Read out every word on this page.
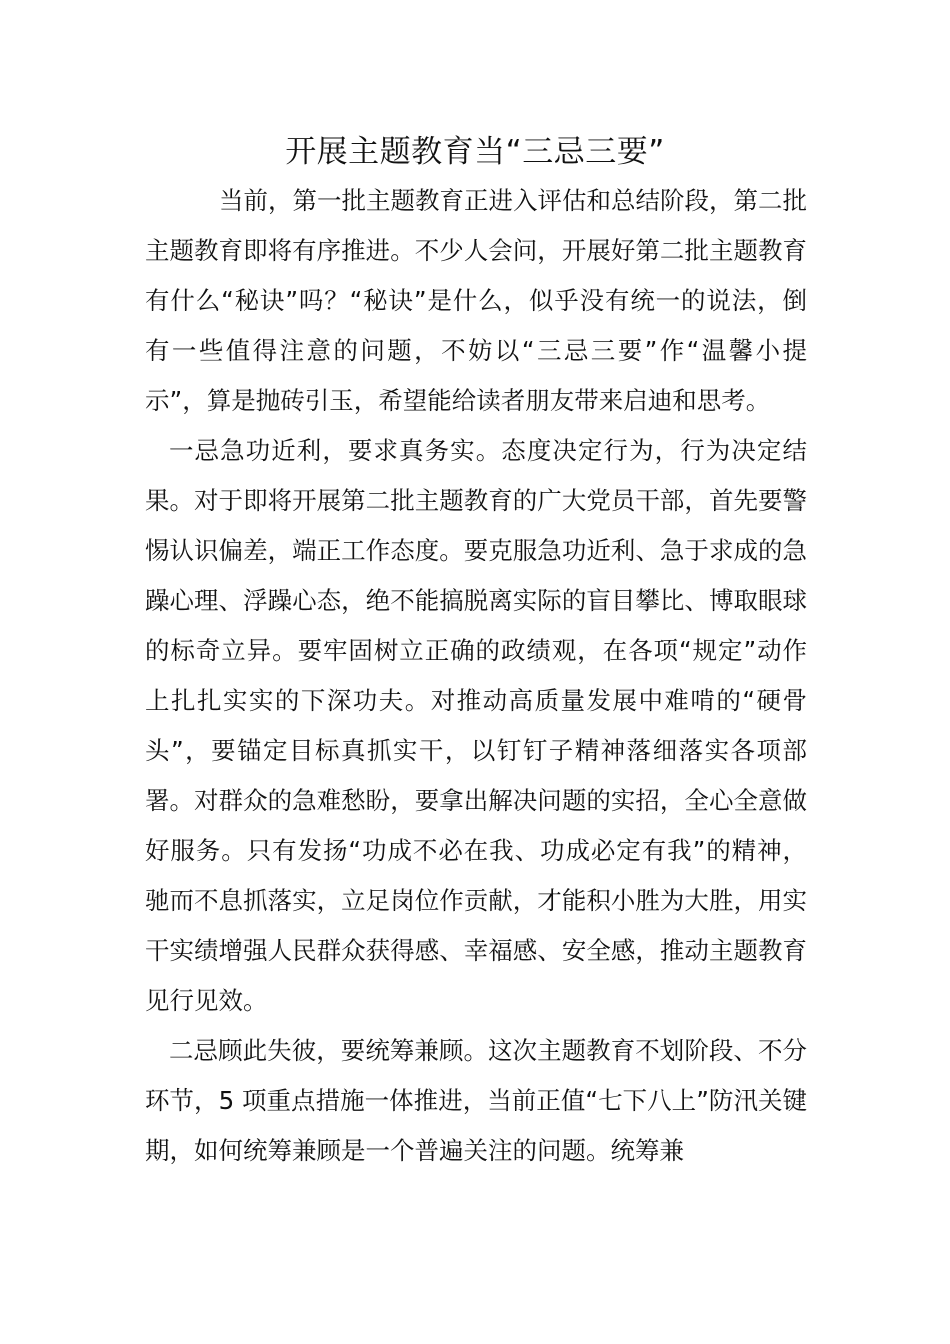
开展主题教育当“三忌三要”

当前，第一批主题教育正进入评估和总结阶段，第二批主题教育即将有序推进。不少人会问，开展好第二批主题教育有什么“秘诀”吗？“秘诀”是什么，似乎没有统一的说法，倒有一些值得注意的问题，不妨以“三忌三要”作“温馨小提示”，算是抛砖引玉，希望能给读者朋友带来启迪和思考。

一忌急功近利，要求真务实。态度决定行为，行为决定结果。对于即将开展第二批主题教育的广大党员干部，首先要警惕认识偏差，端正工作态度。要克服急功近利、急于求成的急躁心理、浮躁心态，绝不能搞脱离实际的盲目攀比、博取眼球的标奇立异。要牢固树立正确的政绩观，在各项“规定”动作上扎扎实实的下深功夫。对推动高质量发展中难啃的“硬骨头”，要锚定目标真抓实干，以钉钉子精神落细落实各项部署。对群众的急难愁盼，要拿出解决问题的实招，全心全意做好服务。只有发扬“功成不必在我、功成必定有我”的精神，驰而不息抓落实，立足岗位作贡献，才能积小胜为大胜，用实干实绩增强人民群众获得感、幸福感、安全感，推动主题教育见行见效。

二忌顾此失彼，要统筹兼顾。这次主题教育不划阶段、不分环节，5 项重点措施一体推进，当前正值“七下八上”防汛关键期，如何统筹兼顾是一个普遍关注的问题。统筹兼
